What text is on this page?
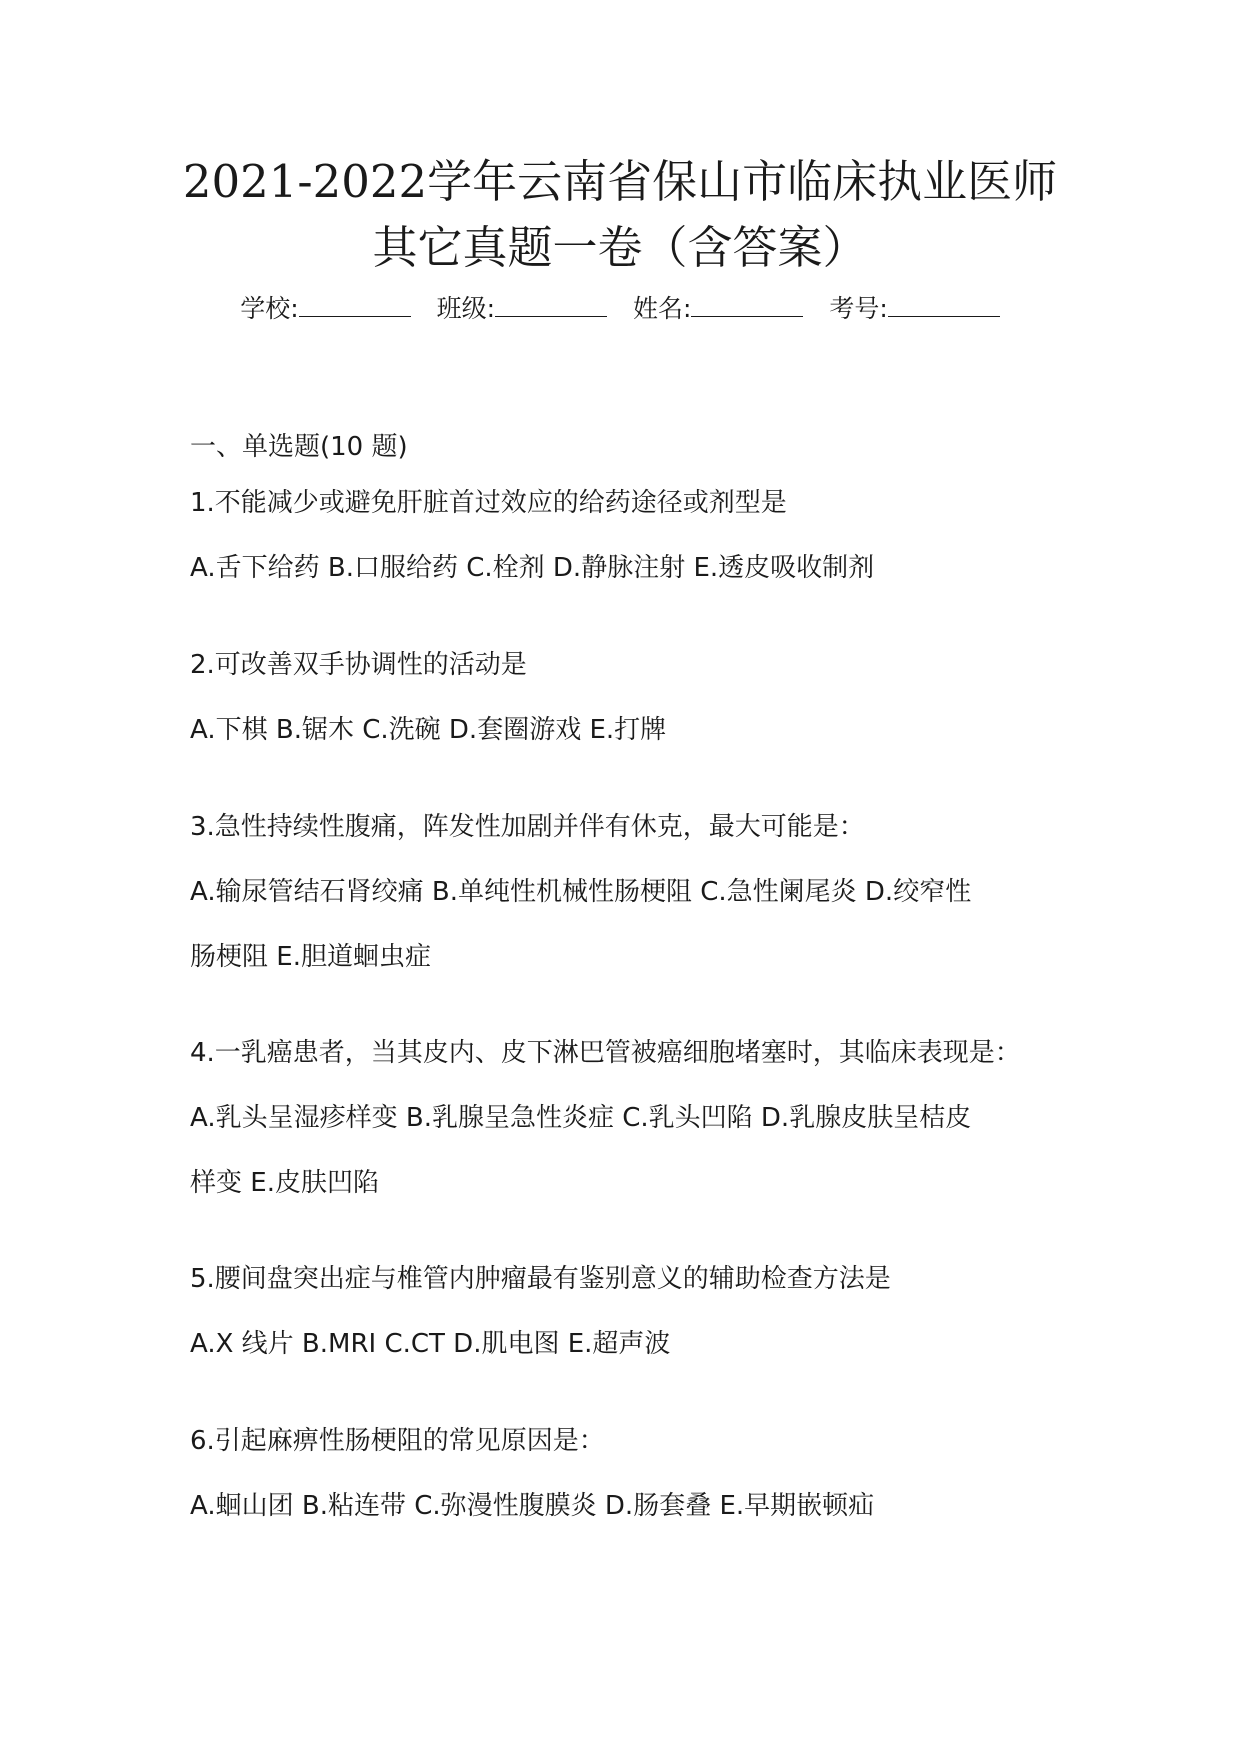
2021-2022学年云南省保山市临床执业医师
其它真题一卷（含答案）
学校:	班级:	姓名:	考号:
一、单选题(10 题)
1.不能减少或避免肝脏首过效应的给药途径或剂型是
A.舌下给药 B.口服给药 C.栓剂 D.静脉注射 E.透皮吸收制剂
2.可改善双手协调性的活动是
A.下棋 B.锯木 C.洗碗 D.套圈游戏 E.打牌
3.急性持续性腹痛，阵发性加剧并伴有休克，最大可能是：
A.输尿管结石肾绞痛 B.单纯性机械性肠梗阻 C.急性阑尾炎 D.绞窄性
肠梗阻 E.胆道蛔虫症
4.一乳癌患者，当其皮内、皮下淋巴管被癌细胞堵塞时，其临床表现是：
A.乳头呈湿疹样变 B.乳腺呈急性炎症 C.乳头凹陷 D.乳腺皮肤呈桔皮
样变 E.皮肤凹陷
5.腰间盘突出症与椎管内肿瘤最有鉴别意义的辅助检查方法是
A.X 线片 B.MRI C.CT D.肌电图 E.超声波
6.引起麻痹性肠梗阻的常见原因是：
A.蛔山团 B.粘连带 C.弥漫性腹膜炎 D.肠套叠 E.早期嵌顿疝
